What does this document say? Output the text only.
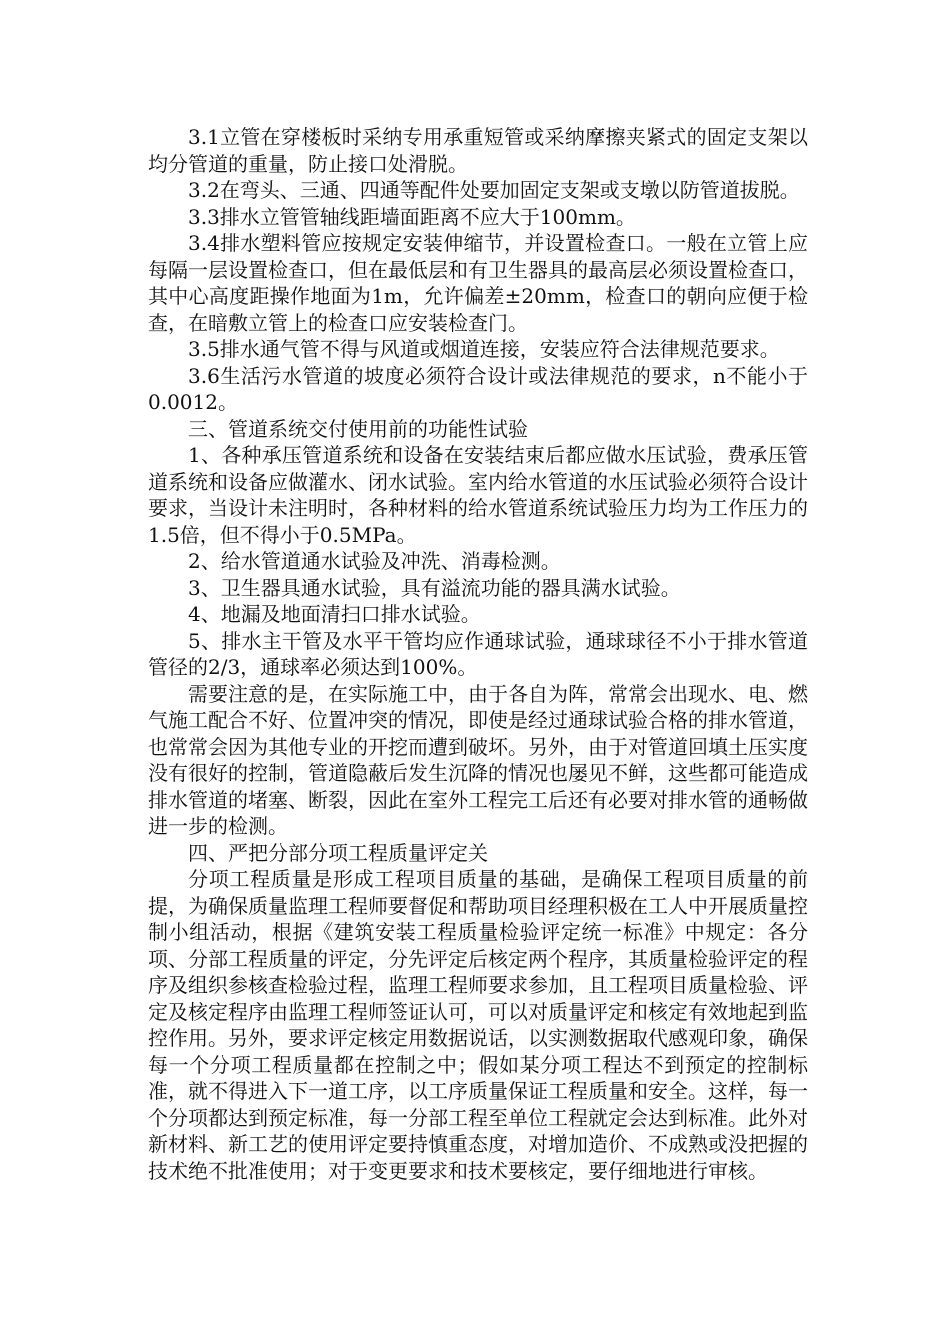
3.1立管在穿楼板时采纳专用承重短管或采纳摩擦夹紧式的固定支架以均分管道的重量，防止接口处滑脱。

3.2在弯头、三通、四通等配件处要加固定支架或支墩以防管道拔脱。

3.3排水立管管轴线距墙面距离不应大于100mm。

3.4排水塑料管应按规定安装伸缩节，并设置检查口。一般在立管上应每隔一层设置检查口，但在最低层和有卫生器具的最高层必须设置检查口，其中心高度距操作地面为1m，允许偏差±20mm，检查口的朝向应便于检查，在暗敷立管上的检查口应安装检查门。

3.5排水通气管不得与风道或烟道连接，安装应符合法律规范要求。

3.6生活污水管道的坡度必须符合设计或法律规范的要求，n不能小于0.0012。

三、管道系统交付使用前的功能性试验

1、各种承压管道系统和设备在安装结束后都应做水压试验，费承压管道系统和设备应做灌水、闭水试验。室内给水管道的水压试验必须符合设计要求，当设计未注明时，各种材料的给水管道系统试验压力均为工作压力的1.5倍，但不得小于0.5MPa。

2、给水管道通水试验及冲洗、消毒检测。

3、卫生器具通水试验，具有溢流功能的器具满水试验。

4、地漏及地面清扫口排水试验。

5、排水主干管及水平干管均应作通球试验，通球球径不小于排水管道管径的2/3，通球率必须达到100%。

需要注意的是，在实际施工中，由于各自为阵，常常会出现水、电、燃气施工配合不好、位置冲突的情况，即使是经过通球试验合格的排水管道，也常常会因为其他专业的开挖而遭到破坏。另外，由于对管道回填土压实度没有很好的控制，管道隐蔽后发生沉降的情况也屡见不鲜，这些都可能造成排水管道的堵塞、断裂，因此在室外工程完工后还有必要对排水管的通畅做进一步的检测。

四、严把分部分项工程质量评定关

分项工程质量是形成工程项目质量的基础，是确保工程项目质量的前提，为确保质量监理工程师要督促和帮助项目经理积极在工人中开展质量控制小组活动，根据《建筑安装工程质量检验评定统一标准》中规定：各分项、分部工程质量的评定，分先评定后核定两个程序，其质量检验评定的程序及组织参核查检验过程，监理工程师要求参加，且工程项目质量检验、评定及核定程序由监理工程师签证认可，可以对质量评定和核定有效地起到监控作用。另外，要求评定核定用数据说话，以实测数据取代感观印象，确保每一个分项工程质量都在控制之中；假如某分项工程达不到预定的控制标准，就不得进入下一道工序，以工序质量保证工程质量和安全。这样，每一个分项都达到预定标准，每一分部工程至单位工程就定会达到标准。此外对新材料、新工艺的使用评定要持慎重态度，对增加造价、不成熟或没把握的技术绝不批准使用；对于变更要求和技术要核定，要仔细地进行审核。
